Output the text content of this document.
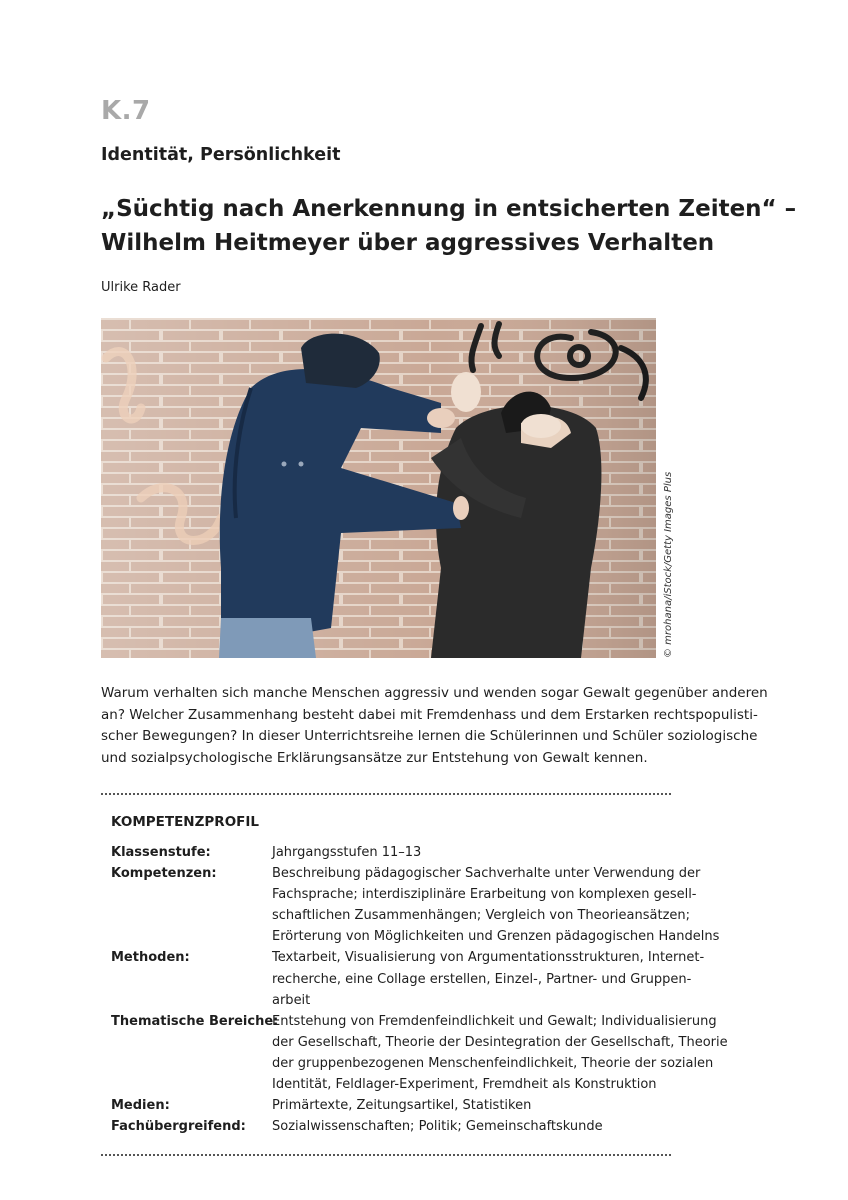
K.7
Identität, Persönlichkeit
„Süchtig nach Anerkennung in entsicherten Zeiten“ –
Wilhelm Heitmeyer über aggressives Verhalten
Ulrike Rader
© mrohana/iStock/Getty Images Plus
Warum verhalten sich manche Menschen aggressiv und wenden sogar Gewalt gegenüber anderen
an? Welcher Zusammenhang besteht dabei mit Fremdenhass und dem Erstarken rechtspopulisti-
scher Bewegungen? In dieser Unterrichtsreihe lernen die Schülerinnen und Schüler soziologische
und sozialpsychologische Erklärungsansätze zur Entstehung von Gewalt kennen.
KOMPETENZPROFIL
Klassenstufe:	Jahrgangsstufen 11–13
Kompetenzen:	Beschreibung pädagogischer Sachverhalte unter Verwendung der
Fachsprache; interdisziplinäre Erarbeitung von komplexen gesell-
schaftlichen Zusammenhängen; Vergleich von Theorieansätzen;
Erörterung von Möglichkeiten und Grenzen pädagogischen Handelns
Methoden:	Textarbeit, Visualisierung von Argumentationsstrukturen, Internet-
recherche, eine Collage erstellen, Einzel-, Partner- und Gruppen-
arbeit
Thematische Bereiche:
Entstehung von Fremdenfeindlichkeit und Gewalt; Individualisierung
der Gesellschaft, Theorie der Desintegration der Gesellschaft, Theorie
der gruppenbezogenen Menschenfeindlichkeit, Theorie der sozialen
Identität, Feldlager-Experiment, Fremdheit als Konstruktion
Medien:	Primärtexte, Zeitungsartikel, Statistiken
Fachübergreifend:	Sozialwissenschaften; Politik; Gemeinschaftskunde
